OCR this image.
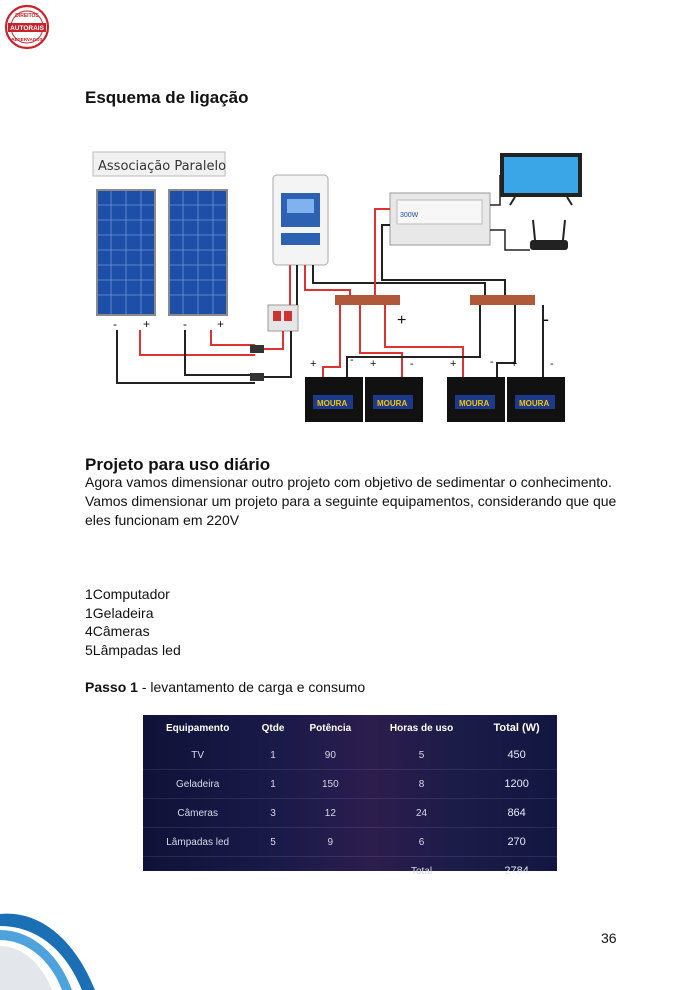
DIREITOS
AUTORAIS
RESERVADOS
Esquema de ligação
Associação Paralelo
- +	-	+
300W
+	-
+	- +	-	+	- +	-
MOURA	MOURA	MOURA	MOURA
Projeto para uso diário

Agora vamos dimensionar outro projeto com objetivo de sedimentar o conhecimento.

Vamos dimensionar um projeto para a seguinte equipamentos, considerando que que eles funcionam em 220V

1Computador
1Geladeira
4Câmeras
5Lâmpadas led
Passo 1 - levantamento de carga e consumo
Equipamento	Qtde	Potência	Horas de uso	Total (W)
TV	1	90	5	450
Geladeira	1	150	8	1200
Câmeras	3	12	24	864
Lâmpadas led	5	9	6	270
			Total	2784
36
